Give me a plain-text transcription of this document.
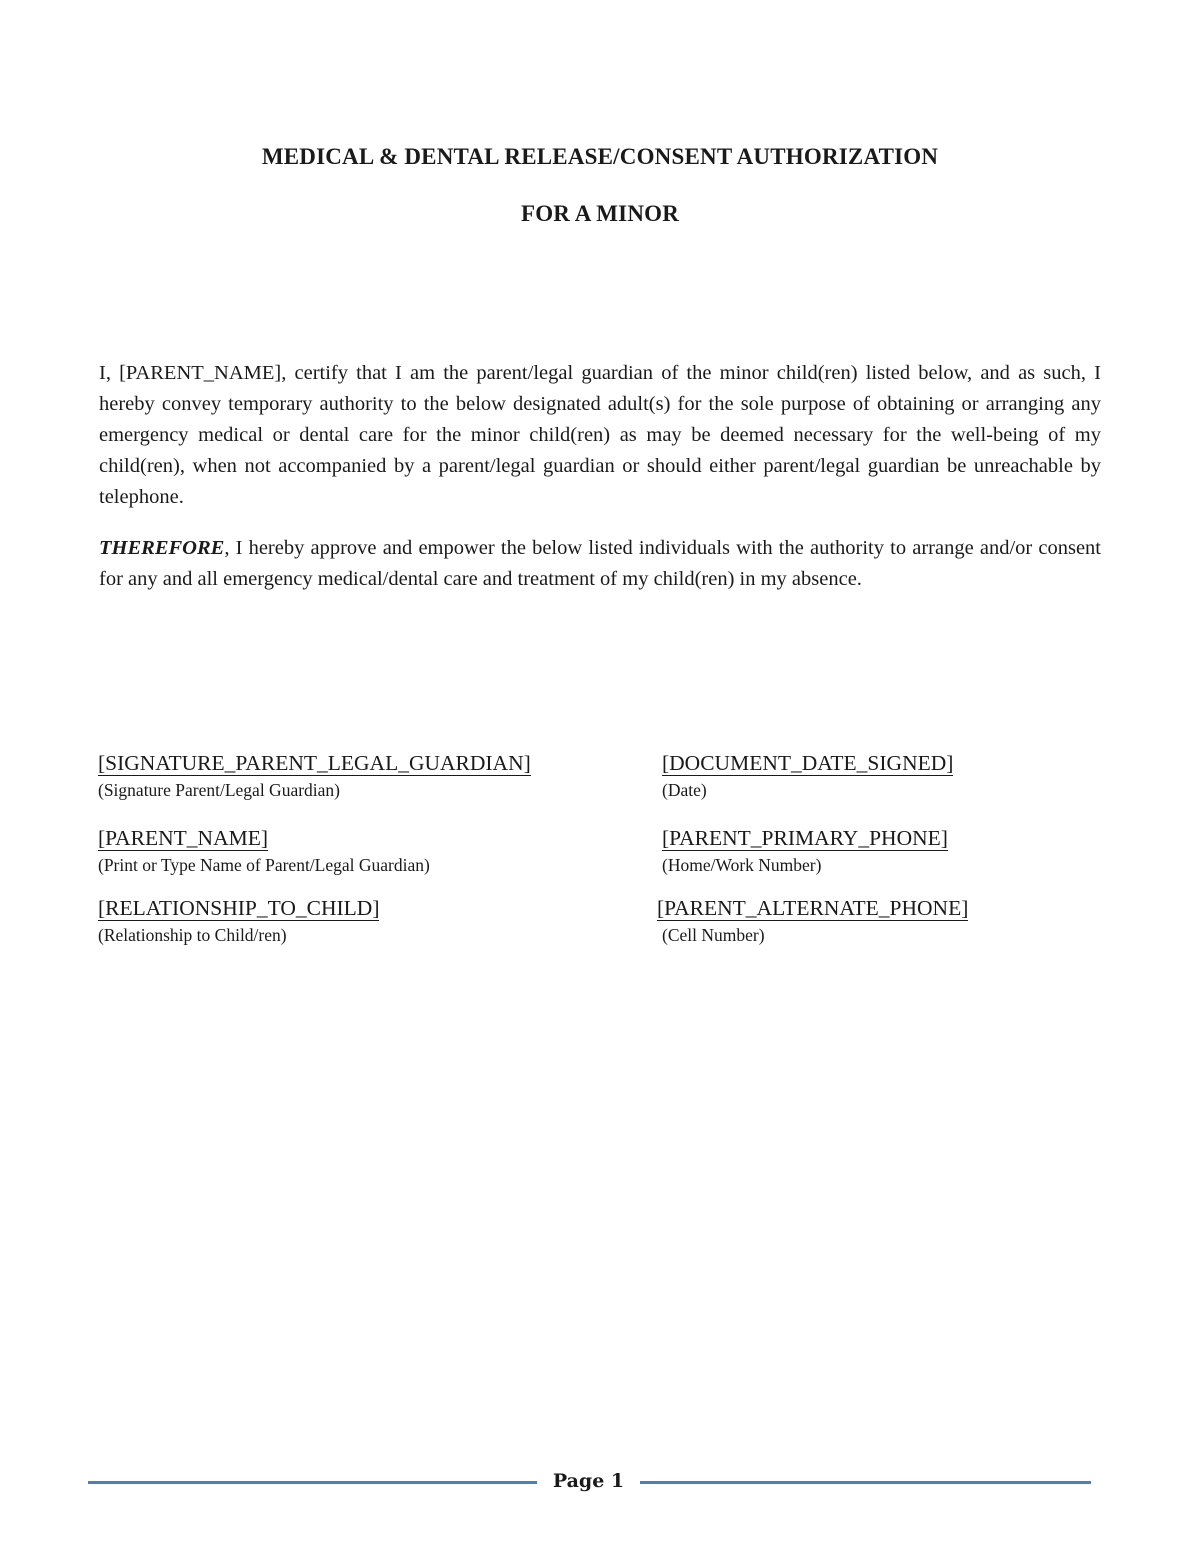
MEDICAL & DENTAL RELEASE/CONSENT AUTHORIZATION
FOR A MINOR

I, [PARENT_NAME], certify that I am the parent/legal guardian of the minor child(ren) listed below, and as such, I hereby convey temporary authority to the below designated adult(s) for the sole purpose of obtaining or arranging any emergency medical or dental care for the minor child(ren) as may be deemed necessary for the well-being of my child(ren), when not accompanied by a parent/legal guardian or should either parent/legal guardian be unreachable by telephone.

THEREFORE, I hereby approve and empower the below listed individuals with the authority to arrange and/or consent for any and all emergency medical/dental care and treatment of my child(ren) in my absence.

[SIGNATURE_PARENT_LEGAL_GUARDIAN]
(Signature Parent/Legal Guardian)
[DOCUMENT_DATE_SIGNED]
(Date)
[PARENT_NAME]
(Print or Type Name of Parent/Legal Guardian)
[PARENT_PRIMARY_PHONE]
(Home/Work Number)
[RELATIONSHIP_TO_CHILD]
(Relationship to Child/ren)
[PARENT_ALTERNATE_PHONE]
(Cell Number)
Page 1
